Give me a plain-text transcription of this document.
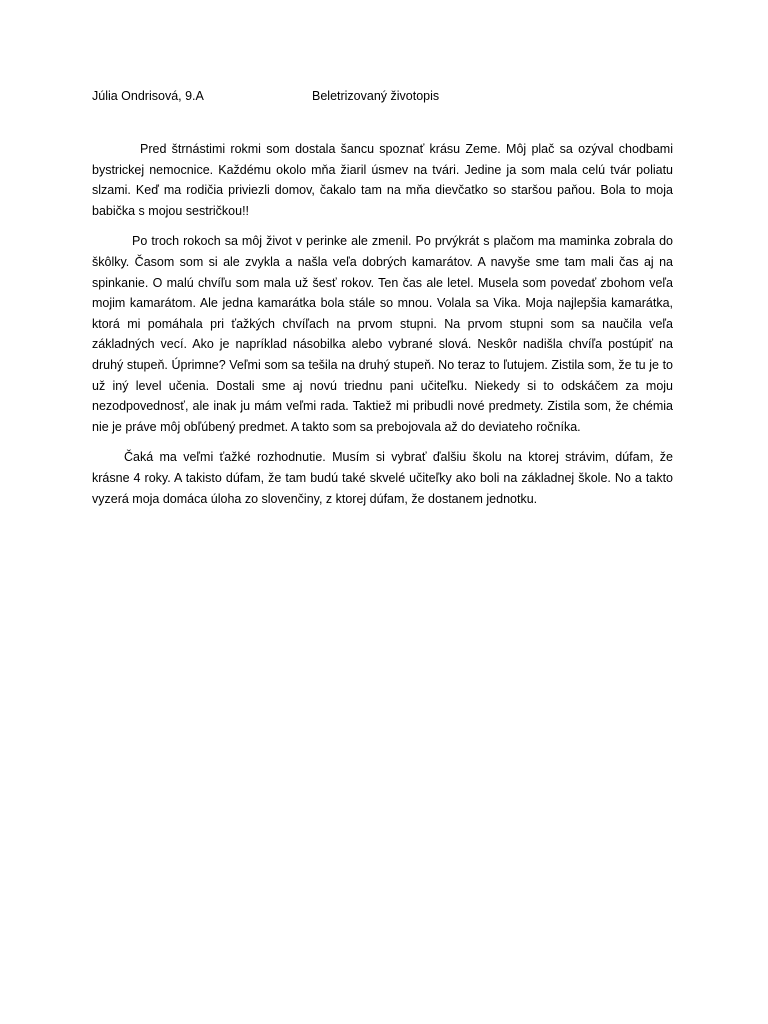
Júlia Ondrisová, 9.A	Beletrizovaný životopis

Pred štrnástimi rokmi som dostala šancu spoznať krásu Zeme. Môj plač sa ozýval chodbami bystrickej nemocnice. Každému okolo mňa žiaril úsmev na tvári. Jedine ja som mala celú tvár poliatu slzami. Keď ma rodičia priviezli domov, čakalo tam na mňa dievčatko so staršou paňou. Bola to moja babička s mojou sestričkou!!

Po troch rokoch sa môj život v perinke ale zmenil. Po prvýkrát s plačom ma maminka zobrala do škôlky. Časom som si ale zvykla a našla veľa dobrých kamarátov. A navyše sme tam mali čas aj na spinkanie. O malú chvíľu som mala už šesť rokov. Ten čas ale letel. Musela som povedať zbohom veľa mojim kamarátom. Ale jedna kamarátka bola stále so mnou. Volala sa Vika. Moja najlepšia kamarátka, ktorá mi pomáhala pri ťažkých chvíľach na prvom stupni. Na prvom stupni som sa naučila veľa základných vecí. Ako je napríklad násobilka alebo vybrané slová. Neskôr nadišla chvíľa postúpiť na druhý stupeň. Úprimne? Veľmi som sa tešila na druhý stupeň. No teraz to ľutujem. Zistila som, že tu je to už iný level učenia. Dostali sme aj novú triednu pani učiteľku. Niekedy si to odskáčem za moju nezodpovednosť, ale inak ju mám veľmi rada. Taktiež mi pribudli nové predmety. Zistila som, že chémia nie je práve môj obľúbený predmet. A takto som sa prebojovala až do deviateho ročníka.

Čaká ma veľmi ťažké rozhodnutie. Musím si vybrať ďalšiu školu na ktorej strávim, dúfam, že krásne 4 roky. A takisto dúfam, že tam budú také skvelé učiteľky ako boli na základnej škole. No a takto vyzerá moja domáca úloha zo slovenčiny, z ktorej dúfam, že dostanem jednotku.
